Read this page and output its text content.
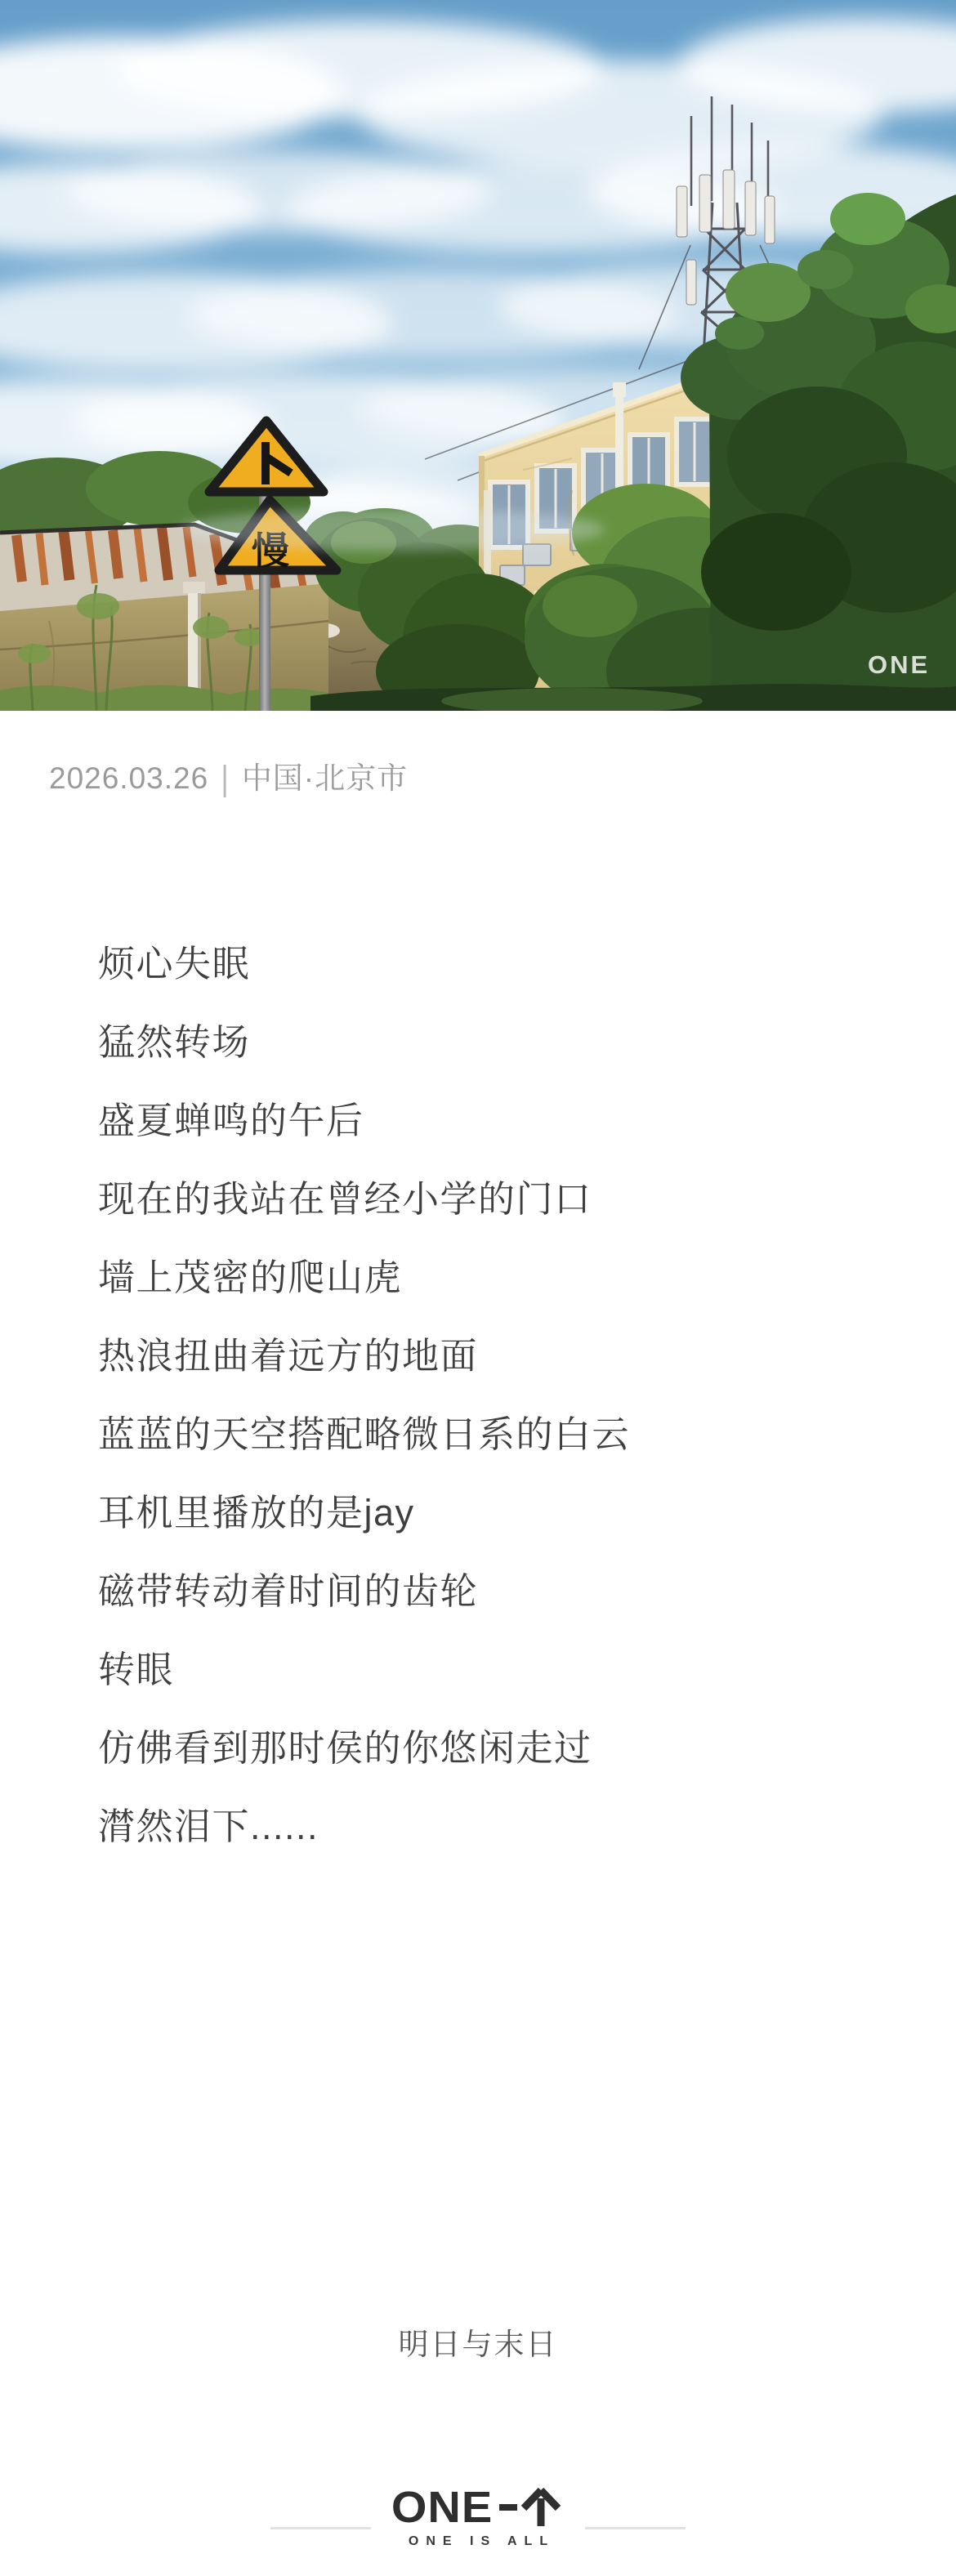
慢
ONE
2026.03.26 | 中国·北京市

烦心失眠

猛然转场

盛夏蝉鸣的午后

现在的我站在曾经小学的门口

墙上茂密的爬山虎

热浪扭曲着远方的地面

蓝蓝的天空搭配略微日系的白云

耳机里播放的是jay

磁带转动着时间的齿轮

转眼

仿佛看到那时侯的你悠闲走过

潸然泪下......

明日与末日
ONE
ONE IS ALL
